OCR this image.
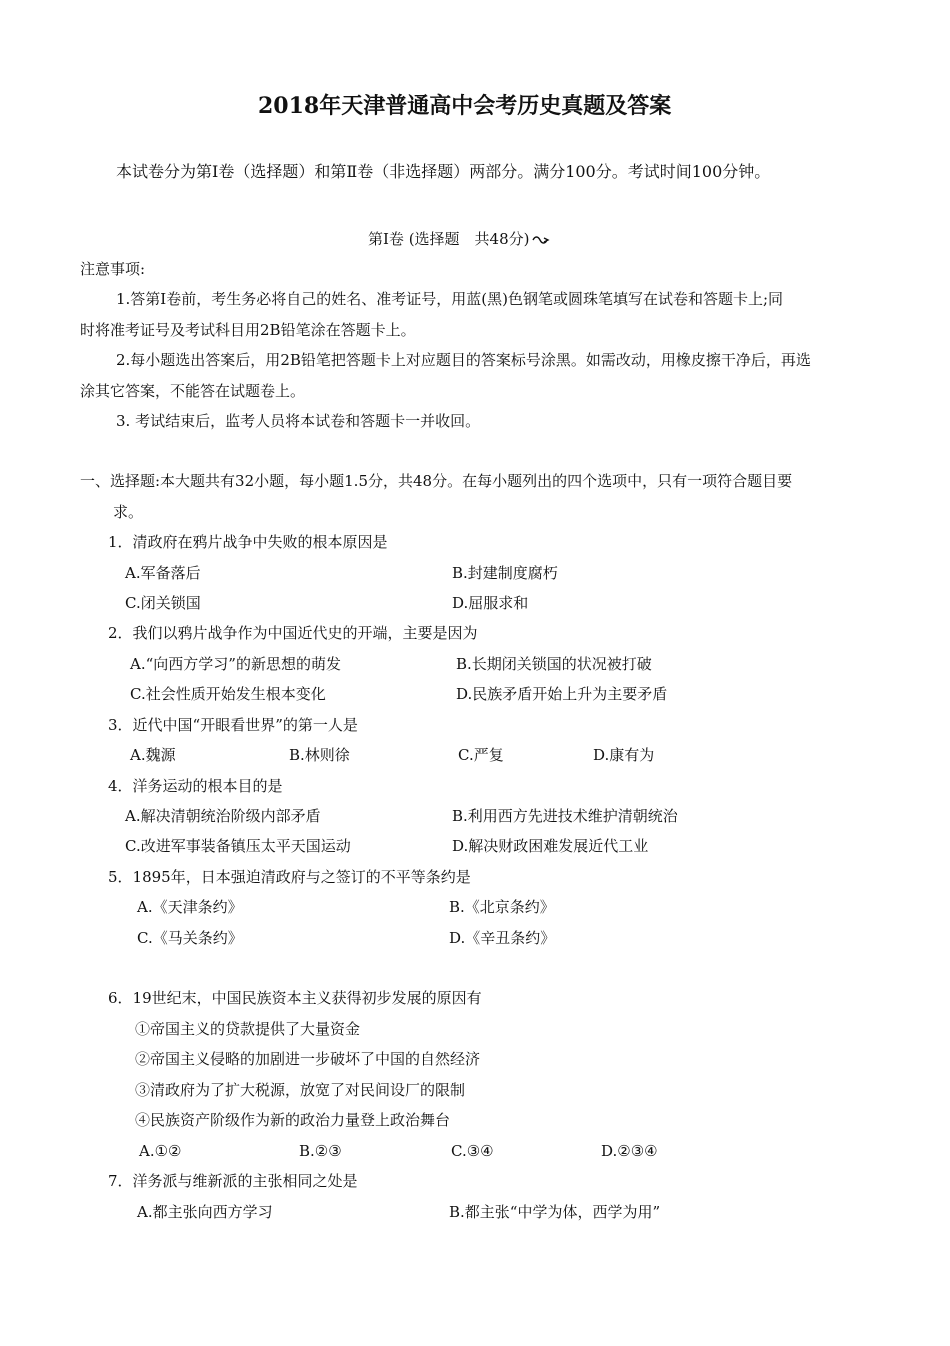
2018年天津普通高中会考历史真题及答案
本试卷分为第Ⅰ卷（选择题）和第Ⅱ卷（非选择题）两部分。满分100分。考试时间100分钟。
第Ⅰ卷 (选择题　共48分)
注意事项:
1.答第Ⅰ卷前，考生务必将自己的姓名、准考证号，用蓝(黑)色钢笔或圆珠笔填写在试卷和答题卡上;同
时将准考证号及考试科目用2B铅笔涂在答题卡上。
2.每小题选出答案后，用2B铅笔把答题卡上对应题目的答案标号涂黑。如需改动，用橡皮擦干净后，再选
涂其它答案，不能答在试题卷上。
3. 考试结束后，监考人员将本试卷和答题卡一并收回。
一、选择题:本大题共有32小题，每小题1.5分，共48分。在每小题列出的四个选项中，只有一项符合题目要
求。
1．清政府在鸦片战争中失败的根本原因是
A.军备落后	B.封建制度腐朽
C.闭关锁国	D.屈服求和
2．我们以鸦片战争作为中国近代史的开端，主要是因为
A.“向西方学习”的新思想的萌发	B.长期闭关锁国的状况被打破
C.社会性质开始发生根本变化	D.民族矛盾开始上升为主要矛盾
3．近代中国“开眼看世界”的第一人是
A.魏源	B.林则徐	C.严复	D.康有为
4．洋务运动的根本目的是
A.解决清朝统治阶级内部矛盾	B.利用西方先进技术维护清朝统治
C.改进军事装备镇压太平天国运动	D.解决财政困难发展近代工业
5．1895年，日本强迫清政府与之签订的不平等条约是
A.《天津条约》	B.《北京条约》
C.《马关条约》	D.《辛丑条约》
6．19世纪末，中国民族资本主义获得初步发展的原因有
①帝国主义的贷款提供了大量资金
②帝国主义侵略的加剧进一步破坏了中国的自然经济
③清政府为了扩大税源，放宽了对民间设厂的限制
④民族资产阶级作为新的政治力量登上政治舞台
A.①②	B.②③	C.③④	D.②③④
7．洋务派与维新派的主张相同之处是
A.都主张向西方学习	B.都主张“中学为体，西学为用”
